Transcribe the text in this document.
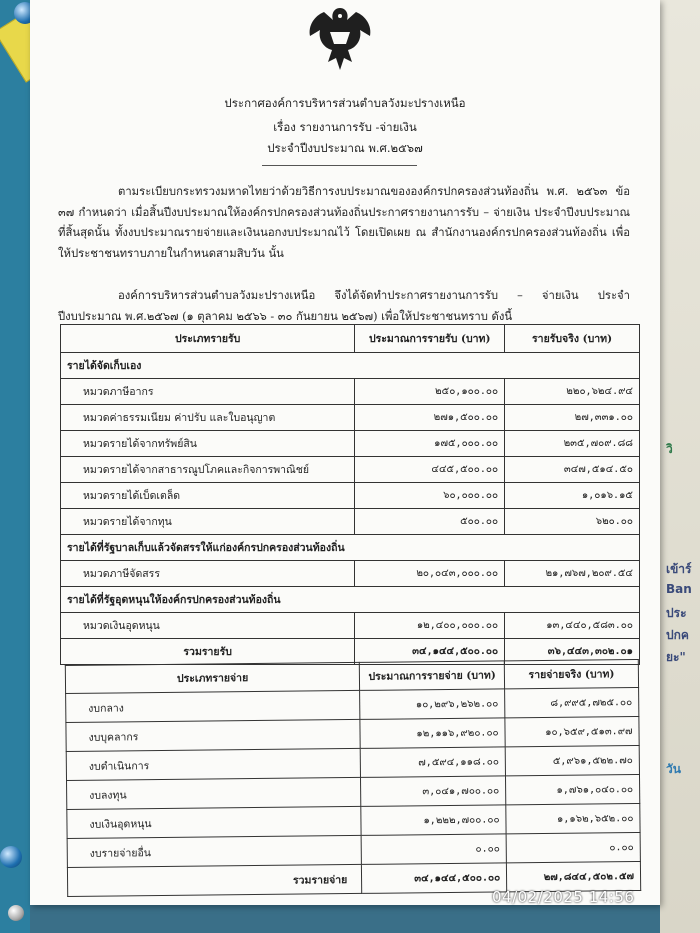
วิ
เข้าร์
Ban
ประ
ปกค
ยะ"
วัน
ประกาศองค์การบริหารส่วนตำบลวังมะปรางเหนือ
เรื่อง รายงานการรับ -จ่ายเงิน
ประจำปีงบประมาณ พ.ศ.๒๕๖๗
ตามระเบียบกระทรวงมหาดไทยว่าด้วยวิธีการงบประมาณขององค์กรปกครองส่วนท้องถิ่น พ.ศ. ๒๕๖๓ ข้อ ๓๗ กำหนดว่า เมื่อสิ้นปีงบประมาณให้องค์กรปกครองส่วนท้องถิ่นประกาศรายงานการรับ – จ่ายเงิน ประจำปีงบประมาณที่สิ้นสุดนั้น ทั้งงบประมาณรายจ่ายและเงินนอกงบประมาณไว้ โดยเปิดเผย ณ สำนักงานองค์กรปกครองส่วนท้องถิ่น เพื่อให้ประชาชนทราบภายในกำหนดสามสิบวัน นั้น
องค์การบริหารส่วนตำบลวังมะปรางเหนือ จึงได้จัดทำประกาศรายงานการรับ – จ่ายเงิน ประจำปีงบประมาณ พ.ศ.๒๕๖๗ (๑ ตุลาคม ๒๕๖๖ - ๓๐ กันยายน ๒๕๖๗) เพื่อให้ประชาชนทราบ ดังนี้
ประเภทรายรับ	ประมาณการรายรับ (บาท)	รายรับจริง (บาท)
รายได้จัดเก็บเอง		
หมวดภาษีอากร	๒๕๐,๑๐๐.๐๐	๒๒๐,๖๒๔.๙๔
หมวดค่าธรรมเนียม ค่าปรับ และใบอนุญาต	๒๗๑,๕๐๐.๐๐	๒๗,๓๓๑.๐๐
หมวดรายได้จากทรัพย์สิน	๑๗๕,๐๐๐.๐๐	๒๓๕,๗๐๙.๘๘
หมวดรายได้จากสาธารณูปโภคและกิจการพาณิชย์	๔๔๕,๕๐๐.๐๐	๓๔๗,๕๑๔.๕๐
หมวดรายได้เบ็ดเตล็ด	๖๐,๐๐๐.๐๐	๑,๐๑๖.๑๕
หมวดรายได้จากทุน	๕๐๐.๐๐	๖๒๐.๐๐
รายได้ที่รัฐบาลเก็บแล้วจัดสรรให้แก่องค์กรปกครองส่วนท้องถิ่น		
หมวดภาษีจัดสรร	๒๐,๐๔๓,๐๐๐.๐๐	๒๑,๗๖๗,๒๐๙.๕๔
รายได้ที่รัฐอุดหนุนให้องค์กรปกครองส่วนท้องถิ่น		
หมวดเงินอุดหนุน	๑๒,๔๐๐,๐๐๐.๐๐	๑๓,๔๔๐,๕๘๓.๐๐
รวมรายรับ	๓๔,๑๔๔,๕๐๐.๐๐	๓๖,๔๔๓,๓๐๒.๐๑
ประเภทรายจ่าย	ประมาณการรายจ่าย (บาท)	รายจ่ายจริง (บาท)
งบกลาง	๑๐,๒๙๖,๒๖๒.๐๐	๘,๙๙๕,๗๒๕.๐๐
งบบุคลากร	๑๒,๑๑๖,๙๒๐.๐๐	๑๐,๖๕๙,๕๑๓.๙๗
งบดำเนินการ	๗,๕๙๔,๑๑๘.๐๐	๕,๙๖๑,๕๒๒.๗๐
งบลงทุน	๓,๐๔๑,๗๐๐.๐๐	๑,๗๖๑,๐๔๐.๐๐
งบเงินอุดหนุน	๑,๒๒๒,๗๐๐.๐๐	๑,๑๖๒,๖๕๒.๐๐
งบรายจ่ายอื่น	๐.๐๐	๐.๐๐
รวมรายจ่าย	๓๔,๑๔๔,๕๐๐.๐๐	๒๗,๘๔๔,๕๐๒.๕๗
04/02/2025 14:56
